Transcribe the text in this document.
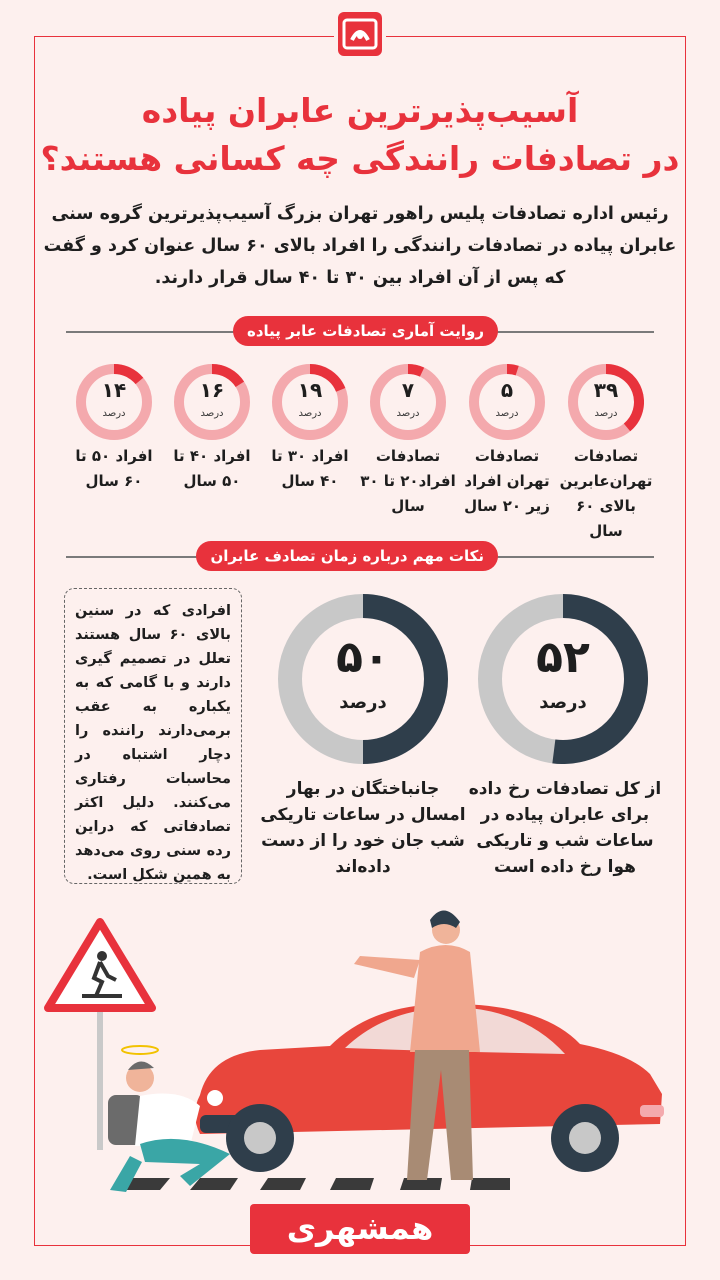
آسیب‌پذیرترین عابران پیاده
در تصادفات رانندگی چه کسانی هستند؟
رئیس اداره تصادفات پلیس راهور تهران بزرگ آسیب‌پذیرترین گروه سنی عابران پیاده در تصادفات رانندگی را افراد بالای ۶۰ سال عنوان کرد و گفت که پس از آن افراد بین ۳۰ تا ۴۰ سال قرار دارند.
روایت آماری تصادفات عابر پیاده
۳۹
درصد
تصادفات تهران‌عابرین بالای ۶۰ سال
۵
درصد
تصادفات تهران افراد زیر ۲۰ سال
۷
درصد
تصادفات افراد۲۰ تا ۳۰ سال
۱۹
درصد
افراد ۳۰ تا ۴۰ سال
۱۶
درصد
افراد ۴۰ تا ۵۰ سال
۱۴
درصد
افراد ۵۰ تا ۶۰ سال
نکات مهم درباره زمان تصادف عابران
۵۲
درصد
از کل تصادفات رخ داده برای عابران پیاده در ساعات شب و تاریکی هوا رخ داده است
۵۰
درصد
جانباختگان در بهار امسال در ساعات تاریکی شب جان خود را از دست داده‌اند
افرادی که در سنین بالای ۶۰ سال هستند تعلل در تصمیم گیری دارند و با گامی که به یکباره به عقب برمی‌دارند راننده را دچار اشتباه در محاسبات رفتاری می‌کنند. دلیل اکثر تصادفاتی که دراین رده سنی روی می‌دهد به همین شکل است.
همشهری
